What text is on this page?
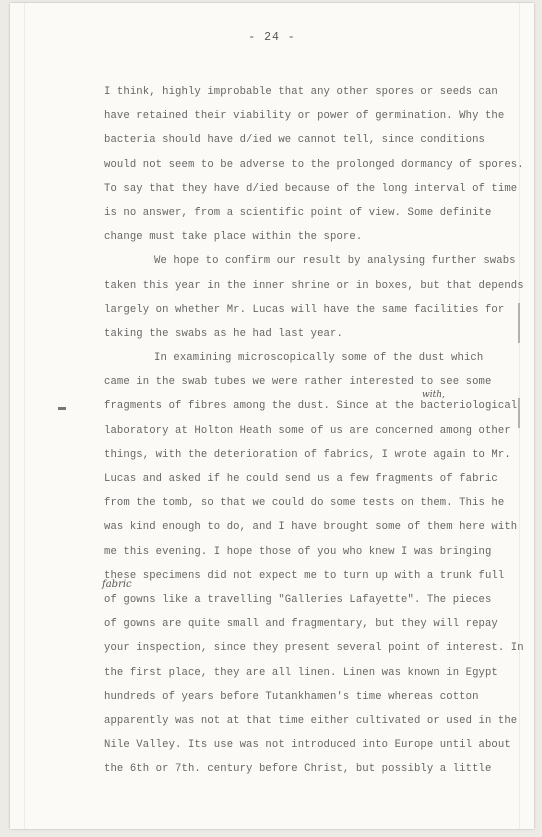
- 24 -
I think, highly improbable that any other spores or seeds can
have retained their viability or power of germination. Why the
bacteria should have d/ied we cannot tell, since conditions
would not seem to be adverse to the prolonged dormancy of spores.
To say that they have d/ied because of the long interval of time
is no answer, from a scientific point of view. Some definite
change must take place within the spore.
We hope to confirm our result by analysing further swabs
taken this year in the inner shrine or in boxes, but that depends
largely on whether Mr. Lucas will have the same facilities for
taking the swabs as he had last year.
In examining microscopically some of the dust which
came in the swab tubes we were rather interested to see some
fragments of fibres among the dust. Since at the bacteriological
laboratory at Holton Heath some of us are concerned among other
things, with the deterioration of fabrics, I wrote again to Mr.
Lucas and asked if he could send us a few fragments of fabric
from the tomb, so that we could do some tests on them. This he
was kind enough to do, and I have brought some of them here with
me this evening. I hope those of you who knew I was bringing
these specimens did not expect me to turn up with a trunk full
of gowns like a travelling "Galleries Lafayette". The pieces
of gowns are quite small and fragmentary, but they will repay
your inspection, since they present several point of interest. In
the first place, they are all linen. Linen was known in Egypt
hundreds of years before Tutankhamen's time whereas cotton
apparently was not at that time either cultivated or used in the
Nile Valley. Its use was not introduced into Europe until about
the 6th or 7th. century before Christ, but possibly a little
with,
fabric
